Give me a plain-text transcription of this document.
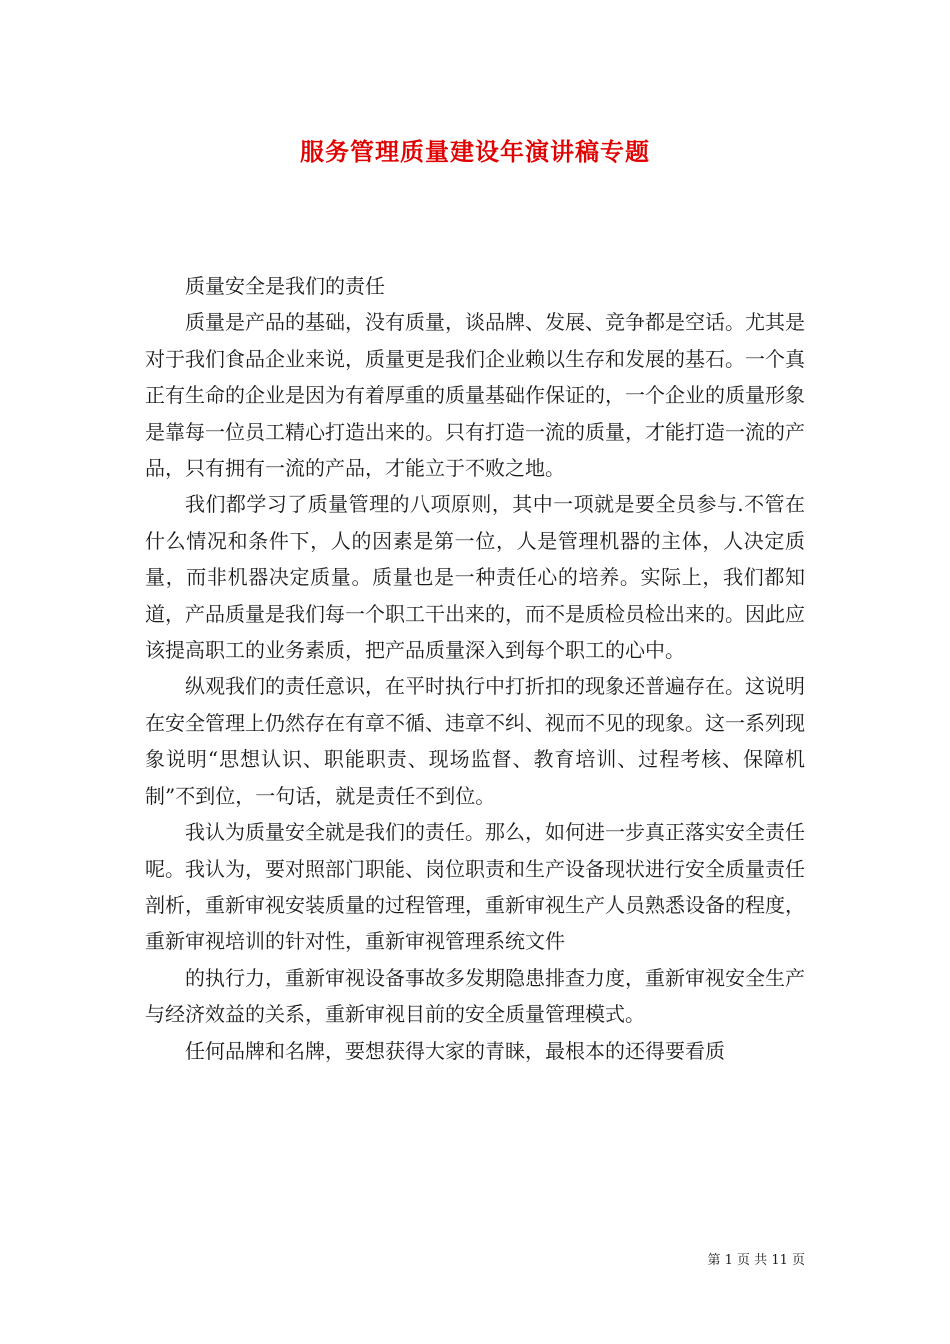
服务管理质量建设年演讲稿专题

质量安全是我们的责任

质量是产品的基础，没有质量，谈品牌、发展、竞争都是空话。尤其是对于我们食品企业来说，质量更是我们企业赖以生存和发展的基石。一个真正有生命的企业是因为有着厚重的质量基础作保证的，一个企业的质量形象是靠每一位员工精心打造出来的。只有打造一流的质量，才能打造一流的产品，只有拥有一流的产品，才能立于不败之地。

我们都学习了质量管理的八项原则，其中一项就是要全员参与.不管在什么情况和条件下，人的因素是第一位，人是管理机器的主体，人决定质量，而非机器决定质量。质量也是一种责任心的培养。实际上，我们都知道，产品质量是我们每一个职工干出来的，而不是质检员检出来的。因此应该提高职工的业务素质，把产品质量深入到每个职工的心中。

纵观我们的责任意识，在平时执行中打折扣的现象还普遍存在。这说明在安全管理上仍然存在有章不循、违章不纠、视而不见的现象。这一系列现象说明“思想认识、职能职责、现场监督、教育培训、过程考核、保障机制”不到位，一句话，就是责任不到位。

我认为质量安全就是我们的责任。那么，如何进一步真正落实安全责任呢。我认为，要对照部门职能、岗位职责和生产设备现状进行安全质量责任剖析，重新审视安装质量的过程管理，重新审视生产人员熟悉设备的程度，重新审视培训的针对性，重新审视管理系统文件

的执行力，重新审视设备事故多发期隐患排查力度，重新审视安全生产与经济效益的关系，重新审视目前的安全质量管理模式。

任何品牌和名牌，要想获得大家的青睐，最根本的还得要看质

第 1 页 共 11 页
